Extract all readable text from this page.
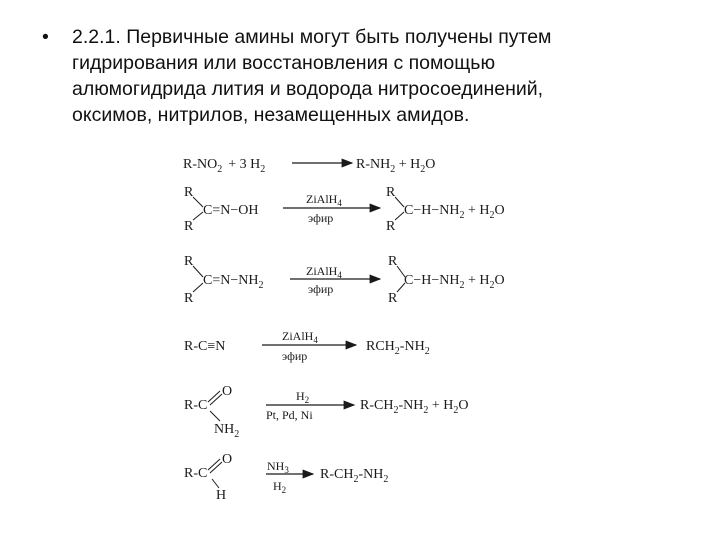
• 2.2.1. Первичные амины могут быть получены путем
гидрирования или восстановления с помощью
алюмогидрида лития и водорода нитросоединений,
оксимов, нитрилов, незамещенных амидов.
$R-NO_2 + 3$ $H_2$	$R-NH_2 + H_2O$
R
R
C=N−OH
ZiAlH$_4$
эфир
R
R
$C-H-NH_2 + H_2O$
R
R
$C=N-NH_2$
ZiAlH$_4$
эфир
R
R
$C-H-NH_2 + H_2O$
R-C≡N
ZiAlH$_4$
эфир
$RCH_2-NH_2$
R-C
O
$NH_2$
$H_2$
Pt, Pd, Ni
$R-CH_2-NH_2 + H_2O$
R-C
O
H
$NH_3$
$H_2$
$R-CH_2-NH_2$
